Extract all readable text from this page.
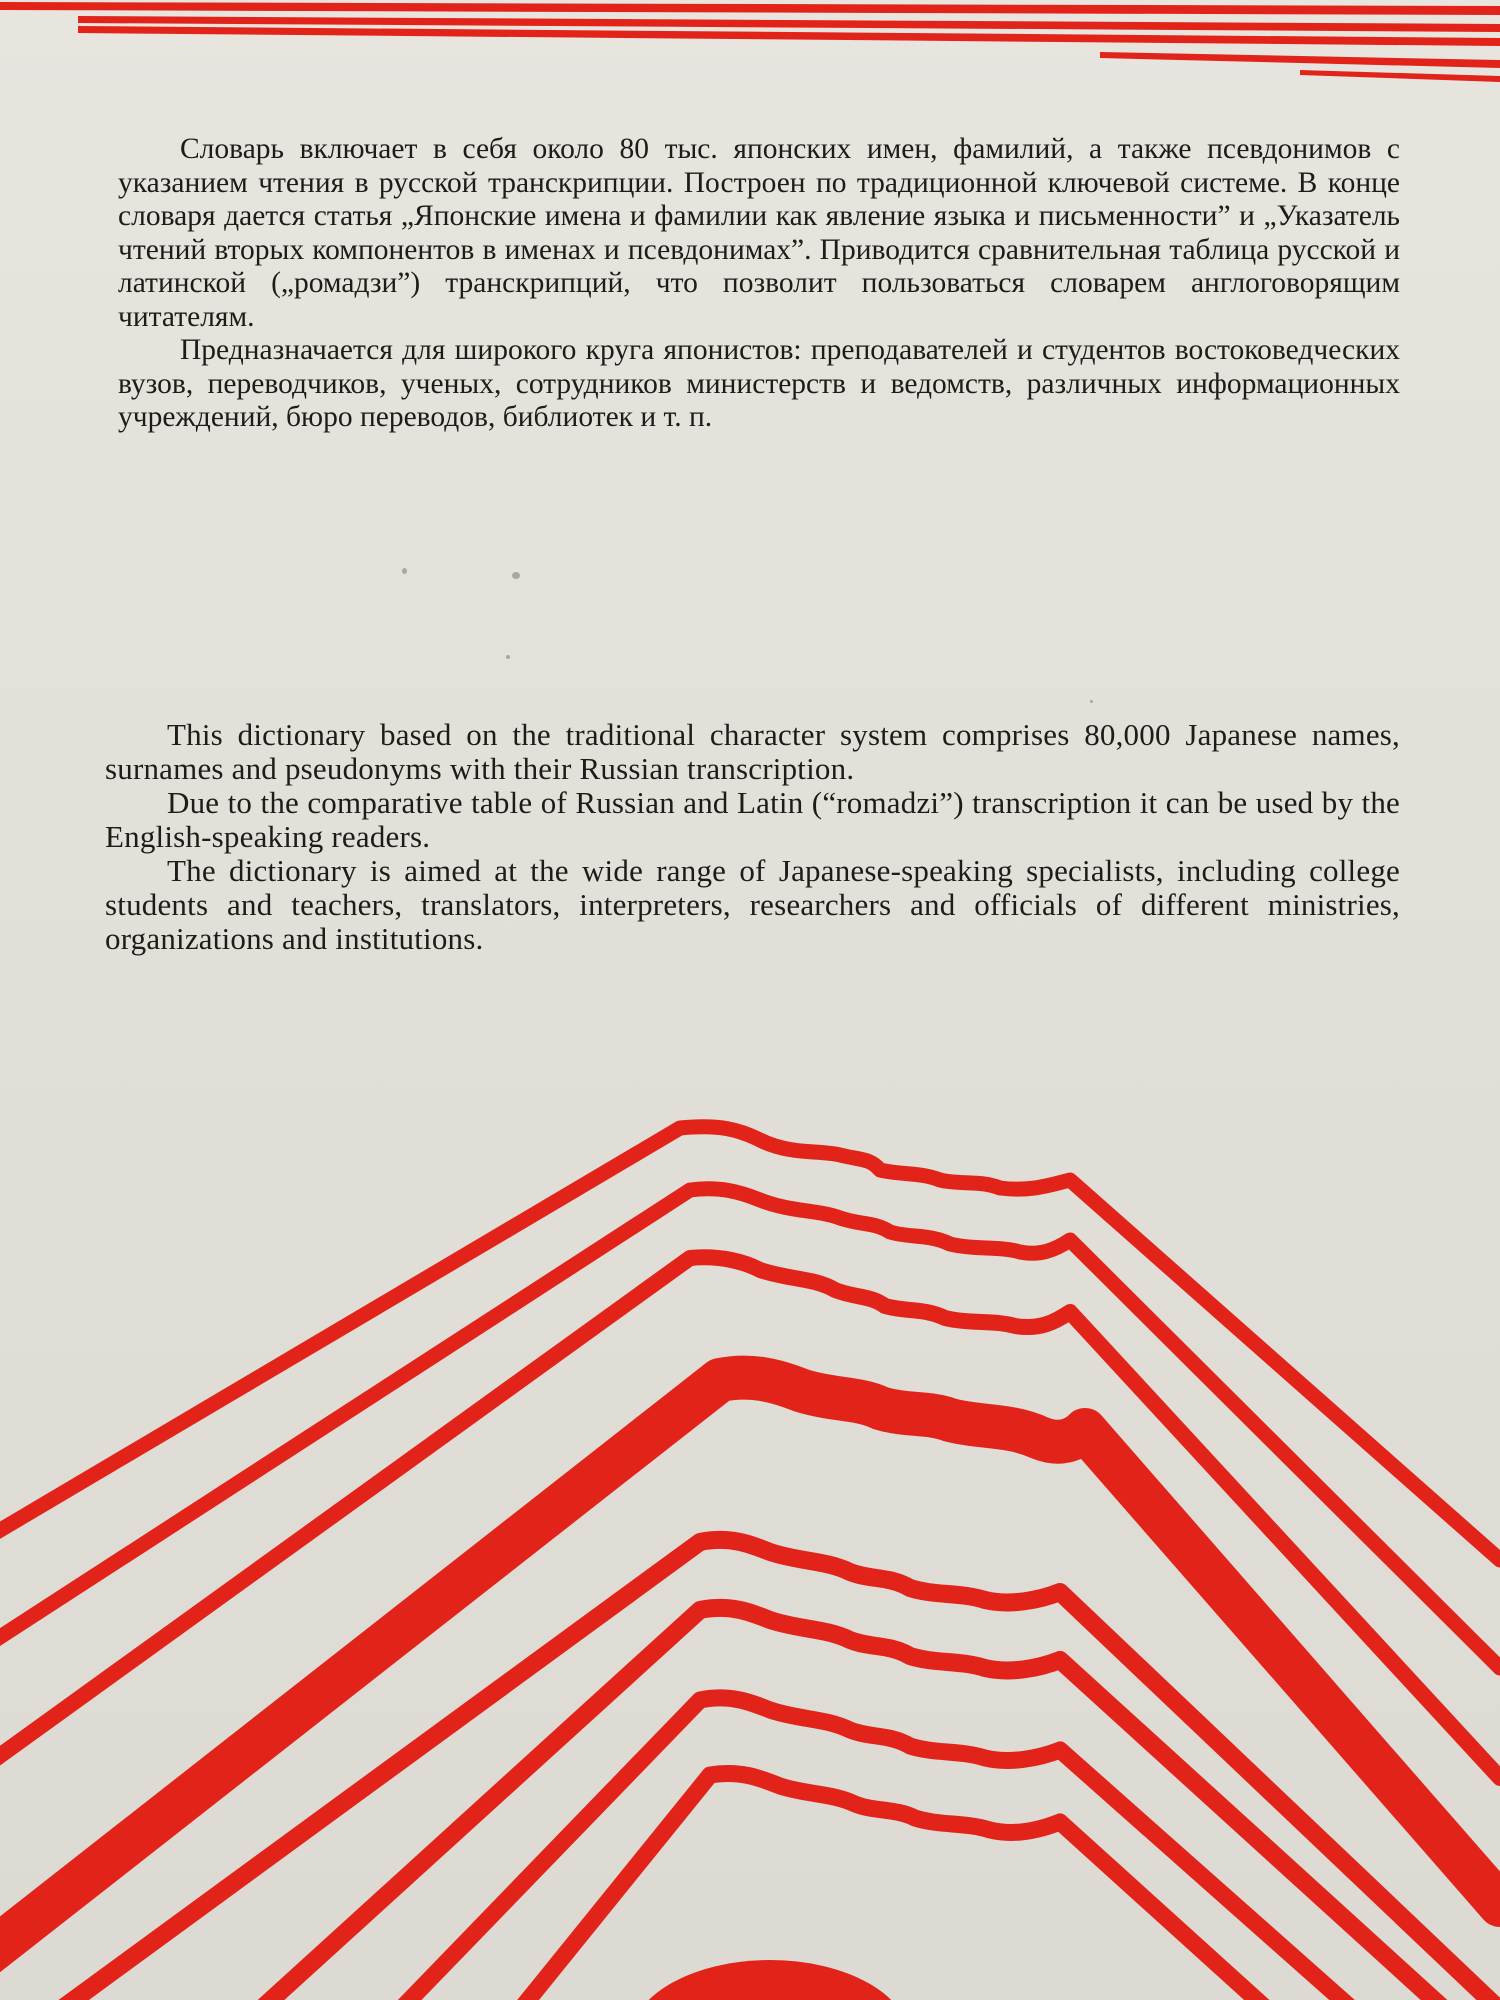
Словарь включает в себя около 80 тыс. японских имен, фамилий, а также псевдонимов с указанием чтения в русской транскрипции. Построен по традиционной ключевой системе. В конце словаря дается статья „Японские имена и фамилии как явление языка и письменности” и „Указатель чтений вторых компонентов в именах и псевдонимах”. Приводится сравнительная таблица русской и латинской („ромадзи”) транскрипций, что позволит пользоваться словарем англоговорящим читателям.

Предназначается для широкого круга японистов: преподавателей и студентов востоковедческих вузов, переводчиков, ученых, сотрудников министерств и ведомств, различных информационных учреждений, бюро переводов, библиотек и т. п.

This dictionary based on the traditional character system comprises 80,000 Japanese names, surnames and pseudonyms with their Russian transcription.

Due to the comparative table of Russian and Latin (“romadzi”) transcription it can be used by the English-speaking readers.

The dictionary is aimed at the wide range of Japanese-speaking specialists, including college students and teachers, translators, interpreters, researchers and officials of different ministries, organizations and institutions.
